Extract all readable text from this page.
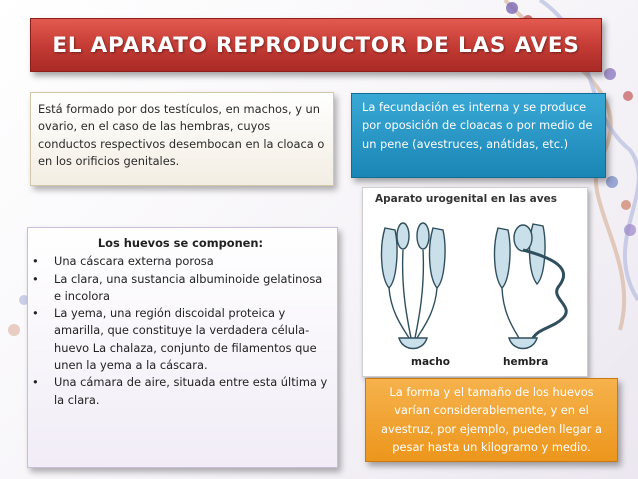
EL APARATO REPRODUCTOR DE LAS AVES
Está formado por dos testículos, en machos, y un ovario, en el caso de las hembras, cuyos conductos respectivos desembocan en la cloaca o en los orificios genitales.
La fecundación es interna y se produce por oposición de cloacas o por medio de un pene (avestruces, anátidas, etc.)
Aparato urogenital en las aves
macho	hembra
Los huevos se componen:
• Una cáscara externa porosa
• La clara, una sustancia albuminoide gelatinosa e incolora
• La yema, una región discoidal proteica y amarilla, que constituye la verdadera célula-huevo La chalaza, conjunto de filamentos que unen la yema a la cáscara.
• Una cámara de aire, situada entre esta última y la clara.
La forma y el tamaño de los huevos varían considerablemente, y en el avestruz, por ejemplo, pueden llegar a pesar hasta un kilogramo y medio.
